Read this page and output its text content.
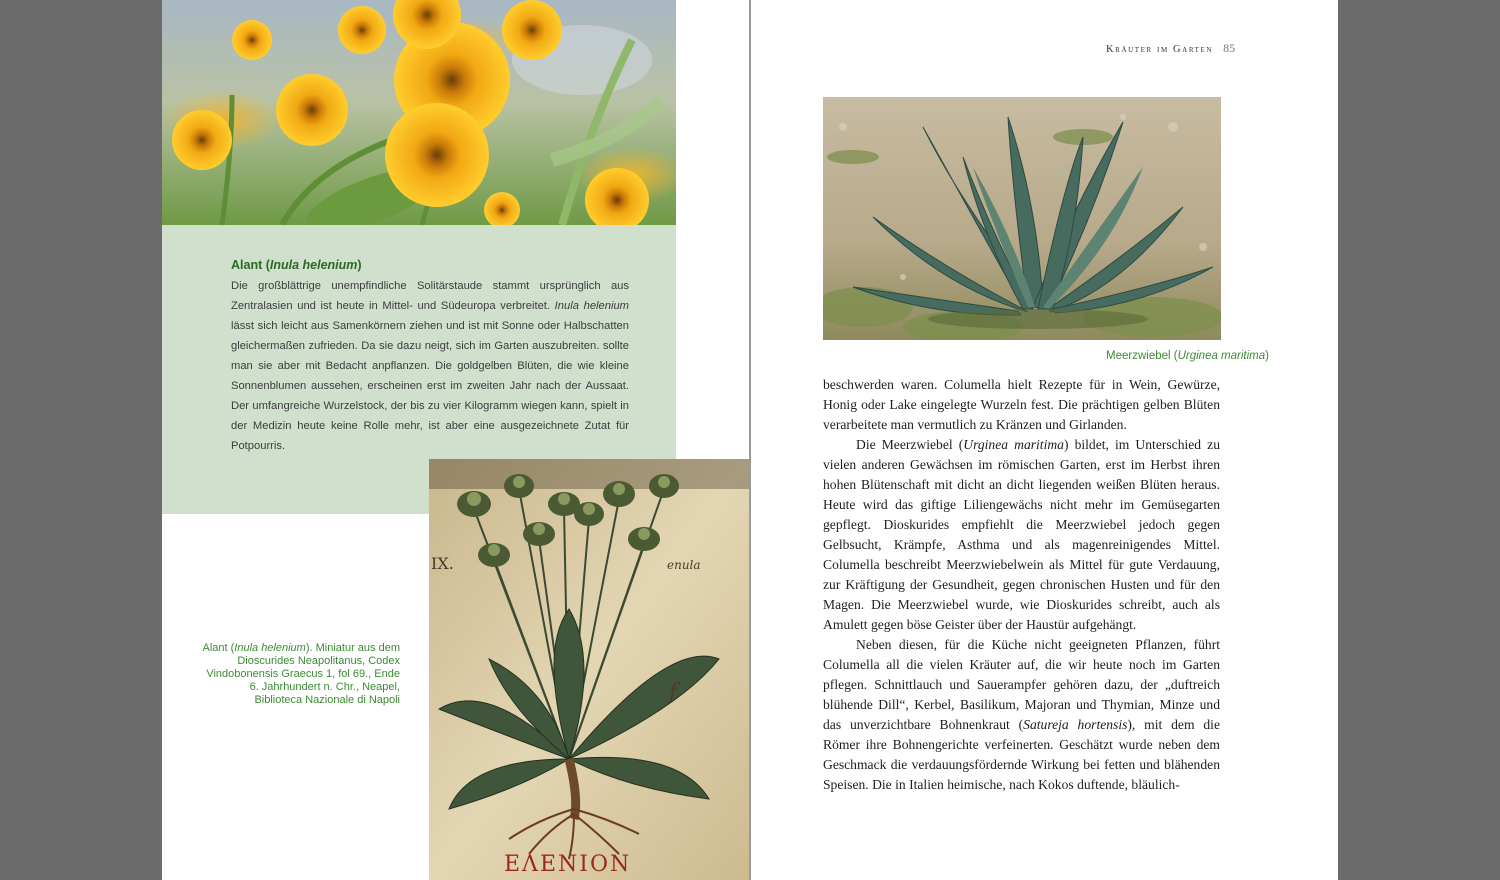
Alant (Inula helenium)
Die großblättrige unempfindliche Solitärstaude stammt ursprünglich aus Zentralasien und ist heute in Mittel- und Südeuropa verbreitet. Inula helenium lässt sich leicht aus Samenkörnern ziehen und ist mit Sonne oder Halbschatten gleichermaßen zufrieden. Da sie dazu neigt, sich im Garten auszubreiten. sollte man sie aber mit Bedacht anpflanzen. Die goldgelben Blüten, die wie kleine Sonnenblumen aussehen, erscheinen erst im zweiten Jahr nach der Aussaat. Der umfangreiche Wurzelstock, der bis zu vier Kilogramm wiegen kann, spielt in der Medizin heute keine Rolle mehr, ist aber eine ausgezeichnete Zutat für Potpourris.
ΕΛΕΝΙΟΝ
IX.	enula
f
Alant (Inula helenium). Miniatur aus dem Dioscurides Neapolitanus, Codex Vindobonensis Graecus 1, fol 69., Ende 6. Jahrhundert n. Chr., Neapel, Biblioteca Nazionale di Napoli
Kräuter im Garten 85
Meerzwiebel (Urginea maritima)

beschwerden waren. Columella hielt Rezepte für in Wein, Gewürze, Honig oder Lake eingelegte Wurzeln fest. Die prächtigen gelben Blüten verarbeitete man vermutlich zu Kränzen und Girlanden.

Die Meerzwiebel (Urginea maritima) bildet, im Unterschied zu vielen anderen Gewächsen im römischen Garten, erst im Herbst ihren hohen Blütenschaft mit dicht an dicht liegenden weißen Blüten heraus. Heute wird das giftige Liliengewächs nicht mehr im Gemüsegarten gepflegt. Dioskurides empfiehlt die Meerzwiebel jedoch gegen Gelbsucht, Krämpfe, Asthma und als magenreinigendes Mittel. Columella beschreibt Meerzwiebelwein als Mittel für gute Verdauung, zur Kräftigung der Gesundheit, gegen chronischen Husten und für den Magen. Die Meerzwiebel wurde, wie Dioskurides schreibt, auch als Amulett gegen böse Geister über der Haustür aufgehängt.

Neben diesen, für die Küche nicht geeigneten Pflanzen, führt Columella all die vielen Kräuter auf, die wir heute noch im Garten pflegen. Schnittlauch und Sauerampfer gehören dazu, der „duftreich blühende Dill“, Kerbel, Basilikum, Majoran und Thymian, Minze und das unverzichtbare Bohnenkraut (Satureja hortensis), mit dem die Römer ihre Bohnengerichte verfeinerten. Geschätzt wurde neben dem Geschmack die verdauungsfördernde Wirkung bei fetten und blähenden Speisen. Die in Italien heimische, nach Kokos duftende, bläulich-
